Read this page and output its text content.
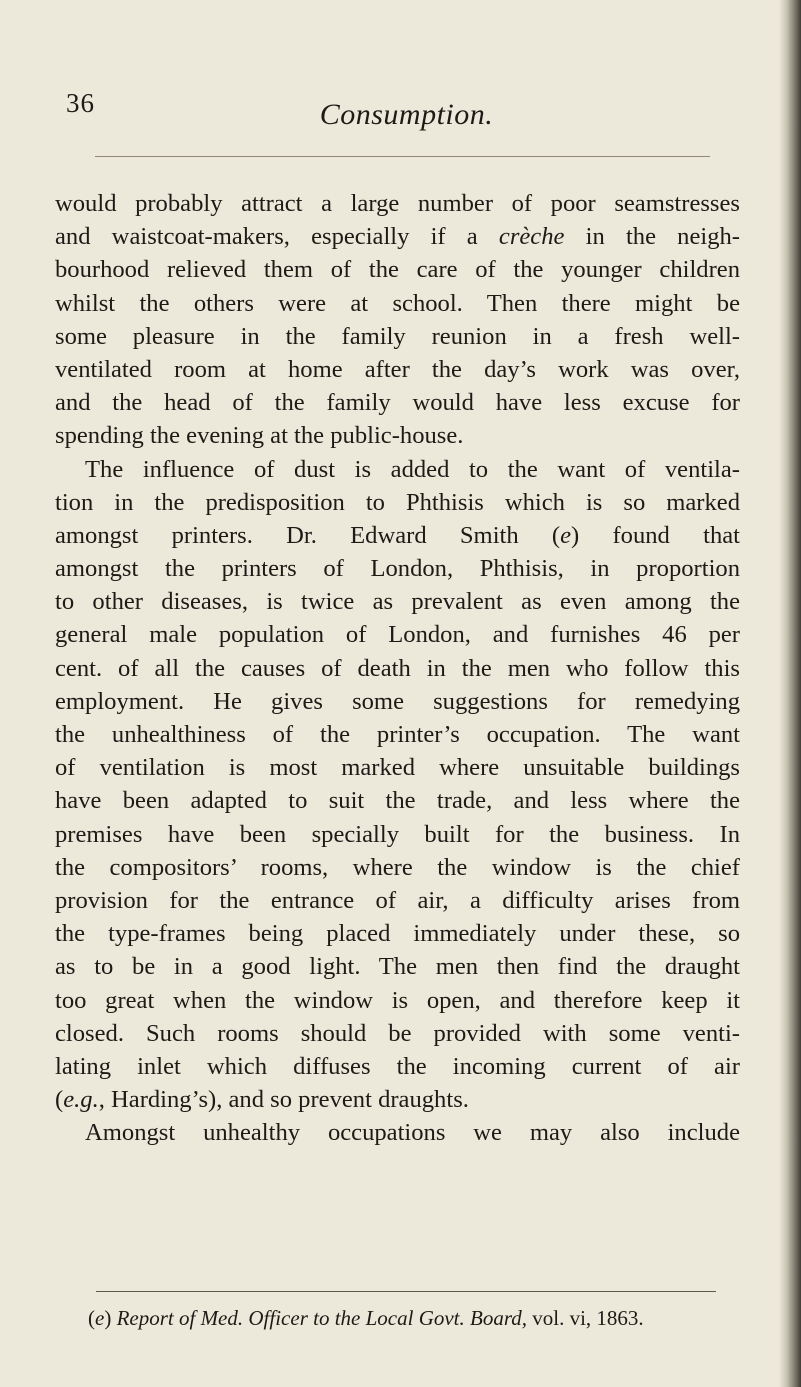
36	Consumption.
would probably attract a large number of poor seamstresses
and waistcoat-makers, especially if a crèche in the neigh-
bourhood relieved them of the care of the younger children
whilst the others were at school. Then there might be
some pleasure in the family reunion in a fresh well-
ventilated room at home after the day’s work was over,
and the head of the family would have less excuse for
spending the evening at the public-house.
The influence of dust is added to the want of ventila-
tion in the predisposition to Phthisis which is so marked
amongst printers. Dr. Edward Smith (e) found that
amongst the printers of London, Phthisis, in proportion
to other diseases, is twice as prevalent as even among the
general male population of London, and furnishes 46 per
cent. of all the causes of death in the men who follow this
employment. He gives some suggestions for remedying
the unhealthiness of the printer’s occupation. The want
of ventilation is most marked where unsuitable buildings
have been adapted to suit the trade, and less where the
premises have been specially built for the business. In
the compositors’ rooms, where the window is the chief
provision for the entrance of air, a difficulty arises from
the type-frames being placed immediately under these, so
as to be in a good light. The men then find the draught
too great when the window is open, and therefore keep it
closed. Such rooms should be provided with some venti-
lating inlet which diffuses the incoming current of air
(e.g., Harding’s), and so prevent draughts.
Amongst unhealthy occupations we may also include
(e) Report of Med. Officer to the Local Govt. Board, vol. vi, 1863.
